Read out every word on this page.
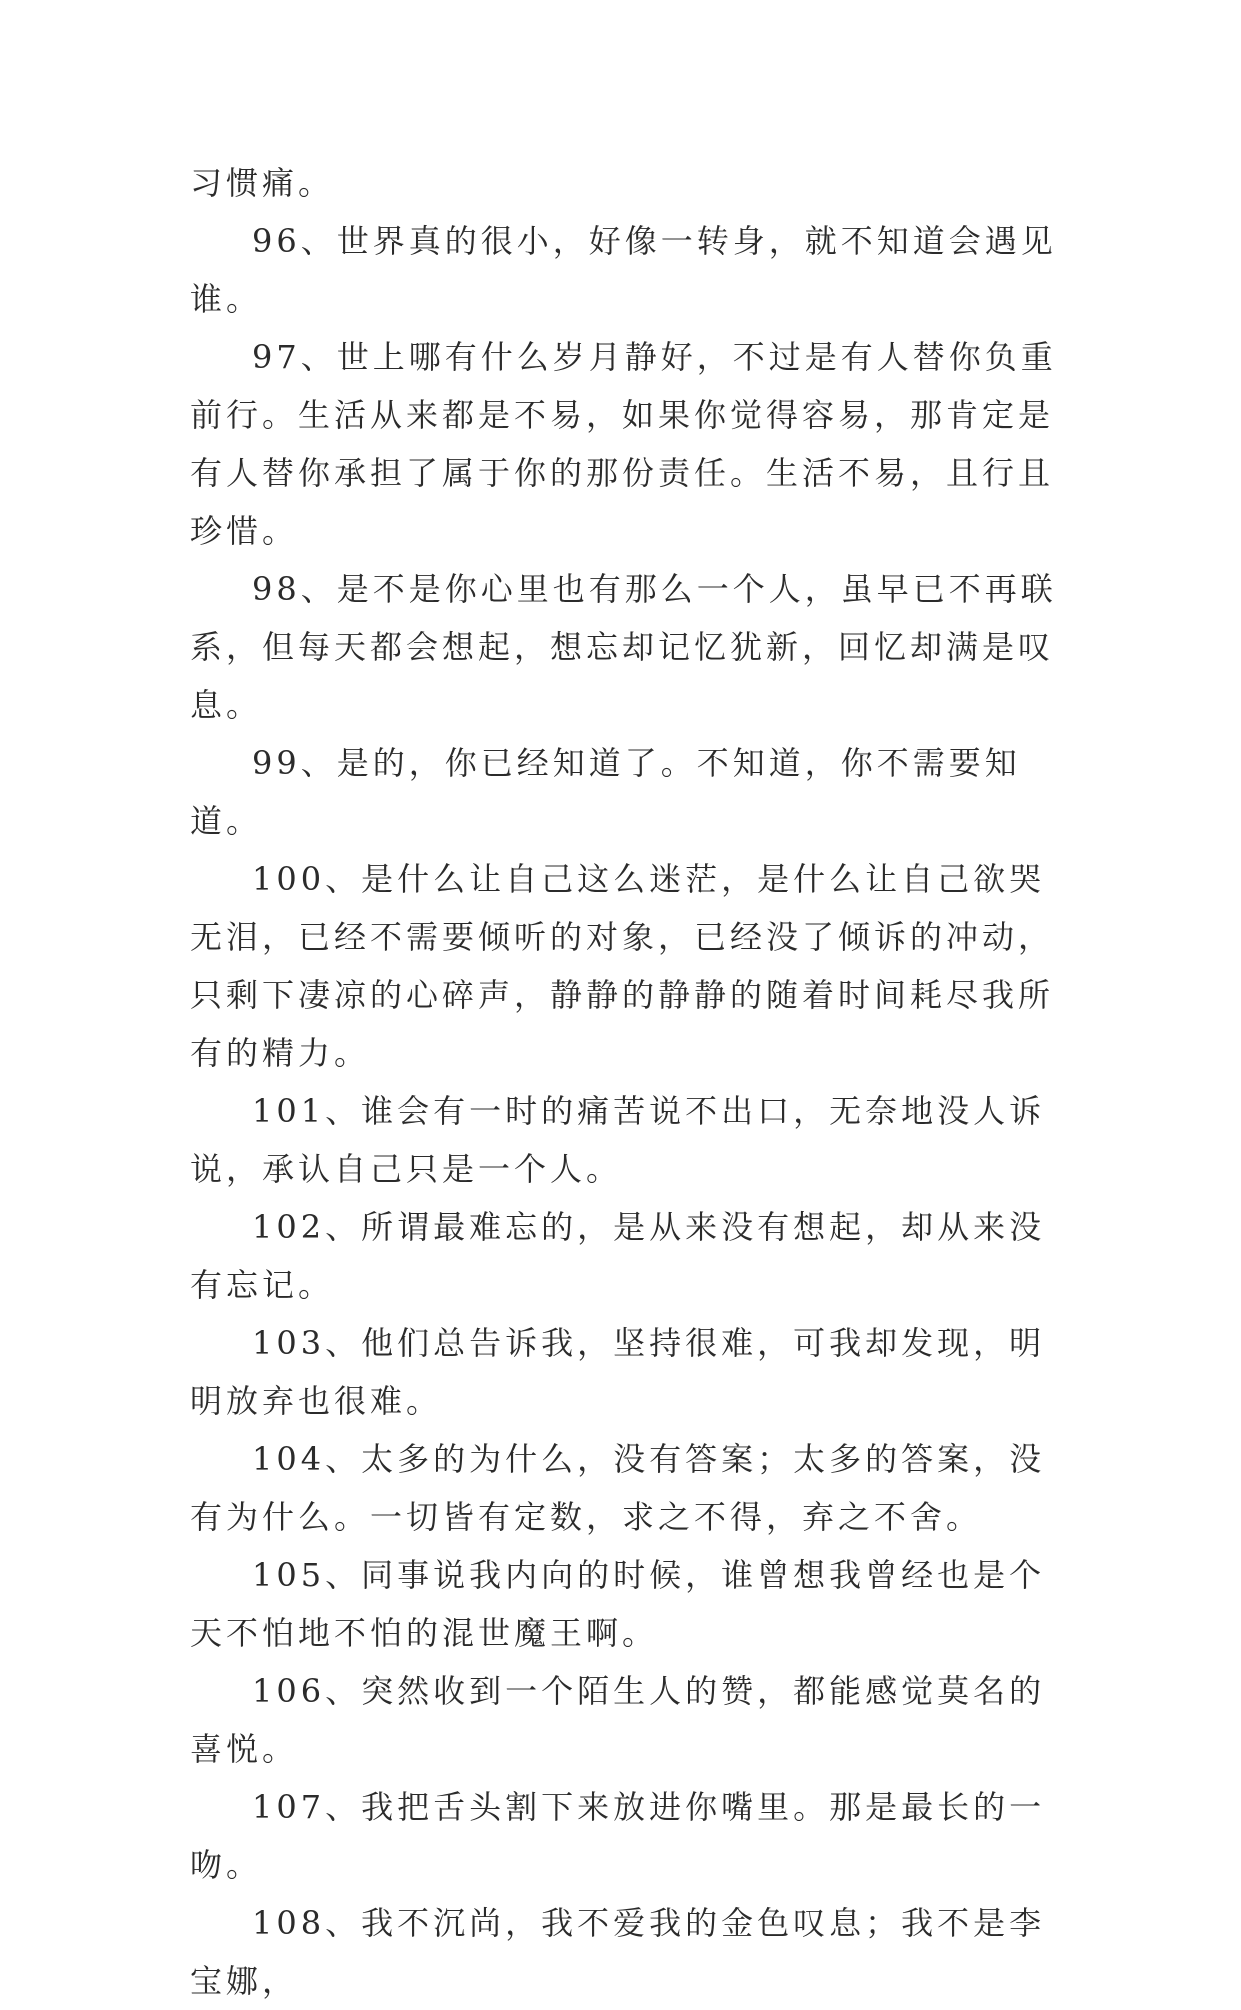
习惯痛。

96、世界真的很小，好像一转身，就不知道会遇见谁。

97、世上哪有什么岁月静好，不过是有人替你负重前行。生活从来都是不易，如果你觉得容易，那肯定是有人替你承担了属于你的那份责任。生活不易，且行且珍惜。

98、是不是你心里也有那么一个人，虽早已不再联系，但每天都会想起，想忘却记忆犹新，回忆却满是叹息。

99、是的，你已经知道了。不知道，你不需要知道。

100、是什么让自己这么迷茫，是什么让自己欲哭无泪，已经不需要倾听的对象，已经没了倾诉的冲动，只剩下凄凉的心碎声，静静的静静的随着时间耗尽我所有的精力。

101、谁会有一时的痛苦说不出口，无奈地没人诉说，承认自己只是一个人。

102、所谓最难忘的，是从来没有想起，却从来没有忘记。

103、他们总告诉我，坚持很难，可我却发现，明明放弃也很难。

104、太多的为什么，没有答案；太多的答案，没有为什么。一切皆有定数，求之不得，弃之不舍。

105、同事说我内向的时候，谁曾想我曾经也是个天不怕地不怕的混世魔王啊。

106、突然收到一个陌生人的赞，都能感觉莫名的喜悦。

107、我把舌头割下来放进你嘴里。那是最长的一吻。

108、我不沉尚，我不爱我的金色叹息；我不是李宝娜，
